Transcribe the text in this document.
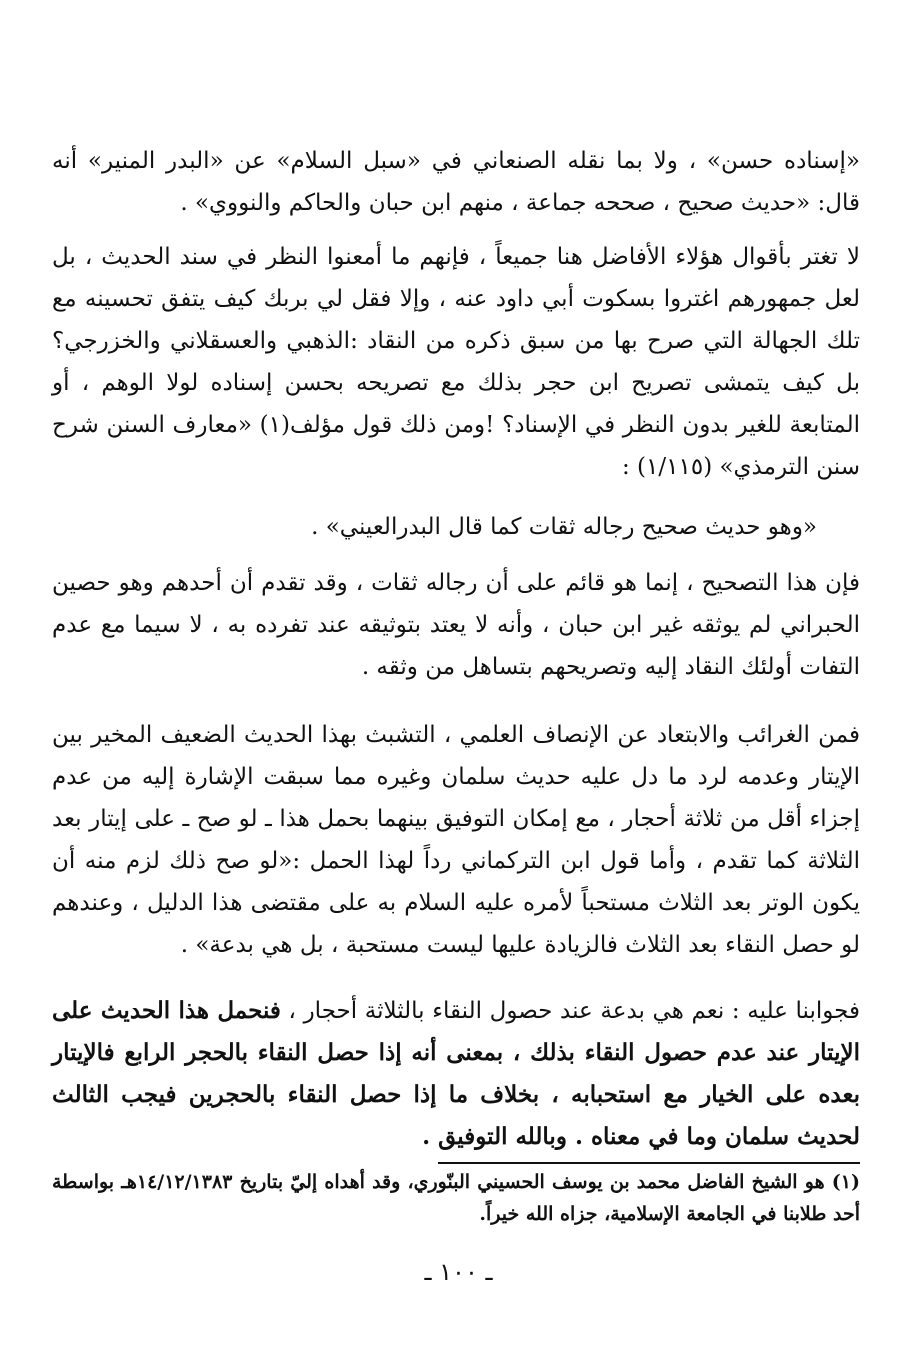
«إسناده حسن» ، ولا بما نقله الصنعاني في «سبل السلام» عن «البدر المنير» أنه قال: «حديث صحيح ، صححه جماعة ، منهم ابن حبان والحاكم والنووي» .

لا تغتر بأقوال هؤلاء الأفاضل هنا جميعاً ، فإنهم ما أمعنوا النظر في سند الحديث ، بل لعل جمهورهم اغتروا بسكوت أبي داود عنه ، وإلا فقل لي بربك كيف يتفق تحسينه مع تلك الجهالة التي صرح بها من سبق ذكره من النقاد :الذهبي والعسقلاني والخزرجي؟ بل كيف يتمشى تصريح ابن حجر بذلك مع تصريحه بحسن إسناده لولا الوهم ، أو المتابعة للغير بدون النظر في الإسناد؟ !ومن ذلك قول مؤلف(١) «معارف السنن شرح سنن الترمذي» (١/١١٥) :

«وهو حديث صحيح رجاله ثقات كما قال البدرالعيني» .

فإن هذا التصحيح ، إنما هو قائم على أن رجاله ثقات ، وقد تقدم أن أحدهم وهو حصين الحبراني لم يوثقه غير ابن حبان ، وأنه لا يعتد بتوثيقه عند تفرده به ، لا سيما مع عدم التفات أولئك النقاد إليه وتصريحهم بتساهل من وثقه .

فمن الغرائب والابتعاد عن الإنصاف العلمي ، التشبث بهذا الحديث الضعيف المخير بين الإيتار وعدمه لرد ما دل عليه حديث سلمان وغيره مما سبقت الإشارة إليه من عدم إجزاء أقل من ثلاثة أحجار ، مع إمكان التوفيق بينهما بحمل هذا ـ لو صح ـ على إيتار بعد الثلاثة كما تقدم ، وأما قول ابن التركماني رداً لهذا الحمل :«لو صح ذلك لزم منه أن يكون الوتر بعد الثلاث مستحباً لأمره عليه السلام به على مقتضى هذا الدليل ، وعندهم لو حصل النقاء بعد الثلاث فالزيادة عليها ليست مستحبة ، بل هي بدعة» .

فجوابنا عليه : نعم هي بدعة عند حصول النقاء بالثلاثة أحجار ، فنحمل هذا الحديث على الإيتار عند عدم حصول النقاء بذلك ، بمعنى أنه إذا حصل النقاء بالحجر الرابع فالإيتار بعده على الخيار مع استحبابه ، بخلاف ما إذا حصل النقاء بالحجرين فيجب الثالث لحديث سلمان وما في معناه . وبالله التوفيق .

(١) هو الشيخ الفاضل محمد بن يوسف الحسيني البنّوري، وقد أهداه إليّ بتاريخ ١٤/١٢/١٣٨٣هـ بواسطة أحد طلابنا في الجامعة الإسلامية، جزاه الله خيراً.

ـ ١٠٠ ـ
